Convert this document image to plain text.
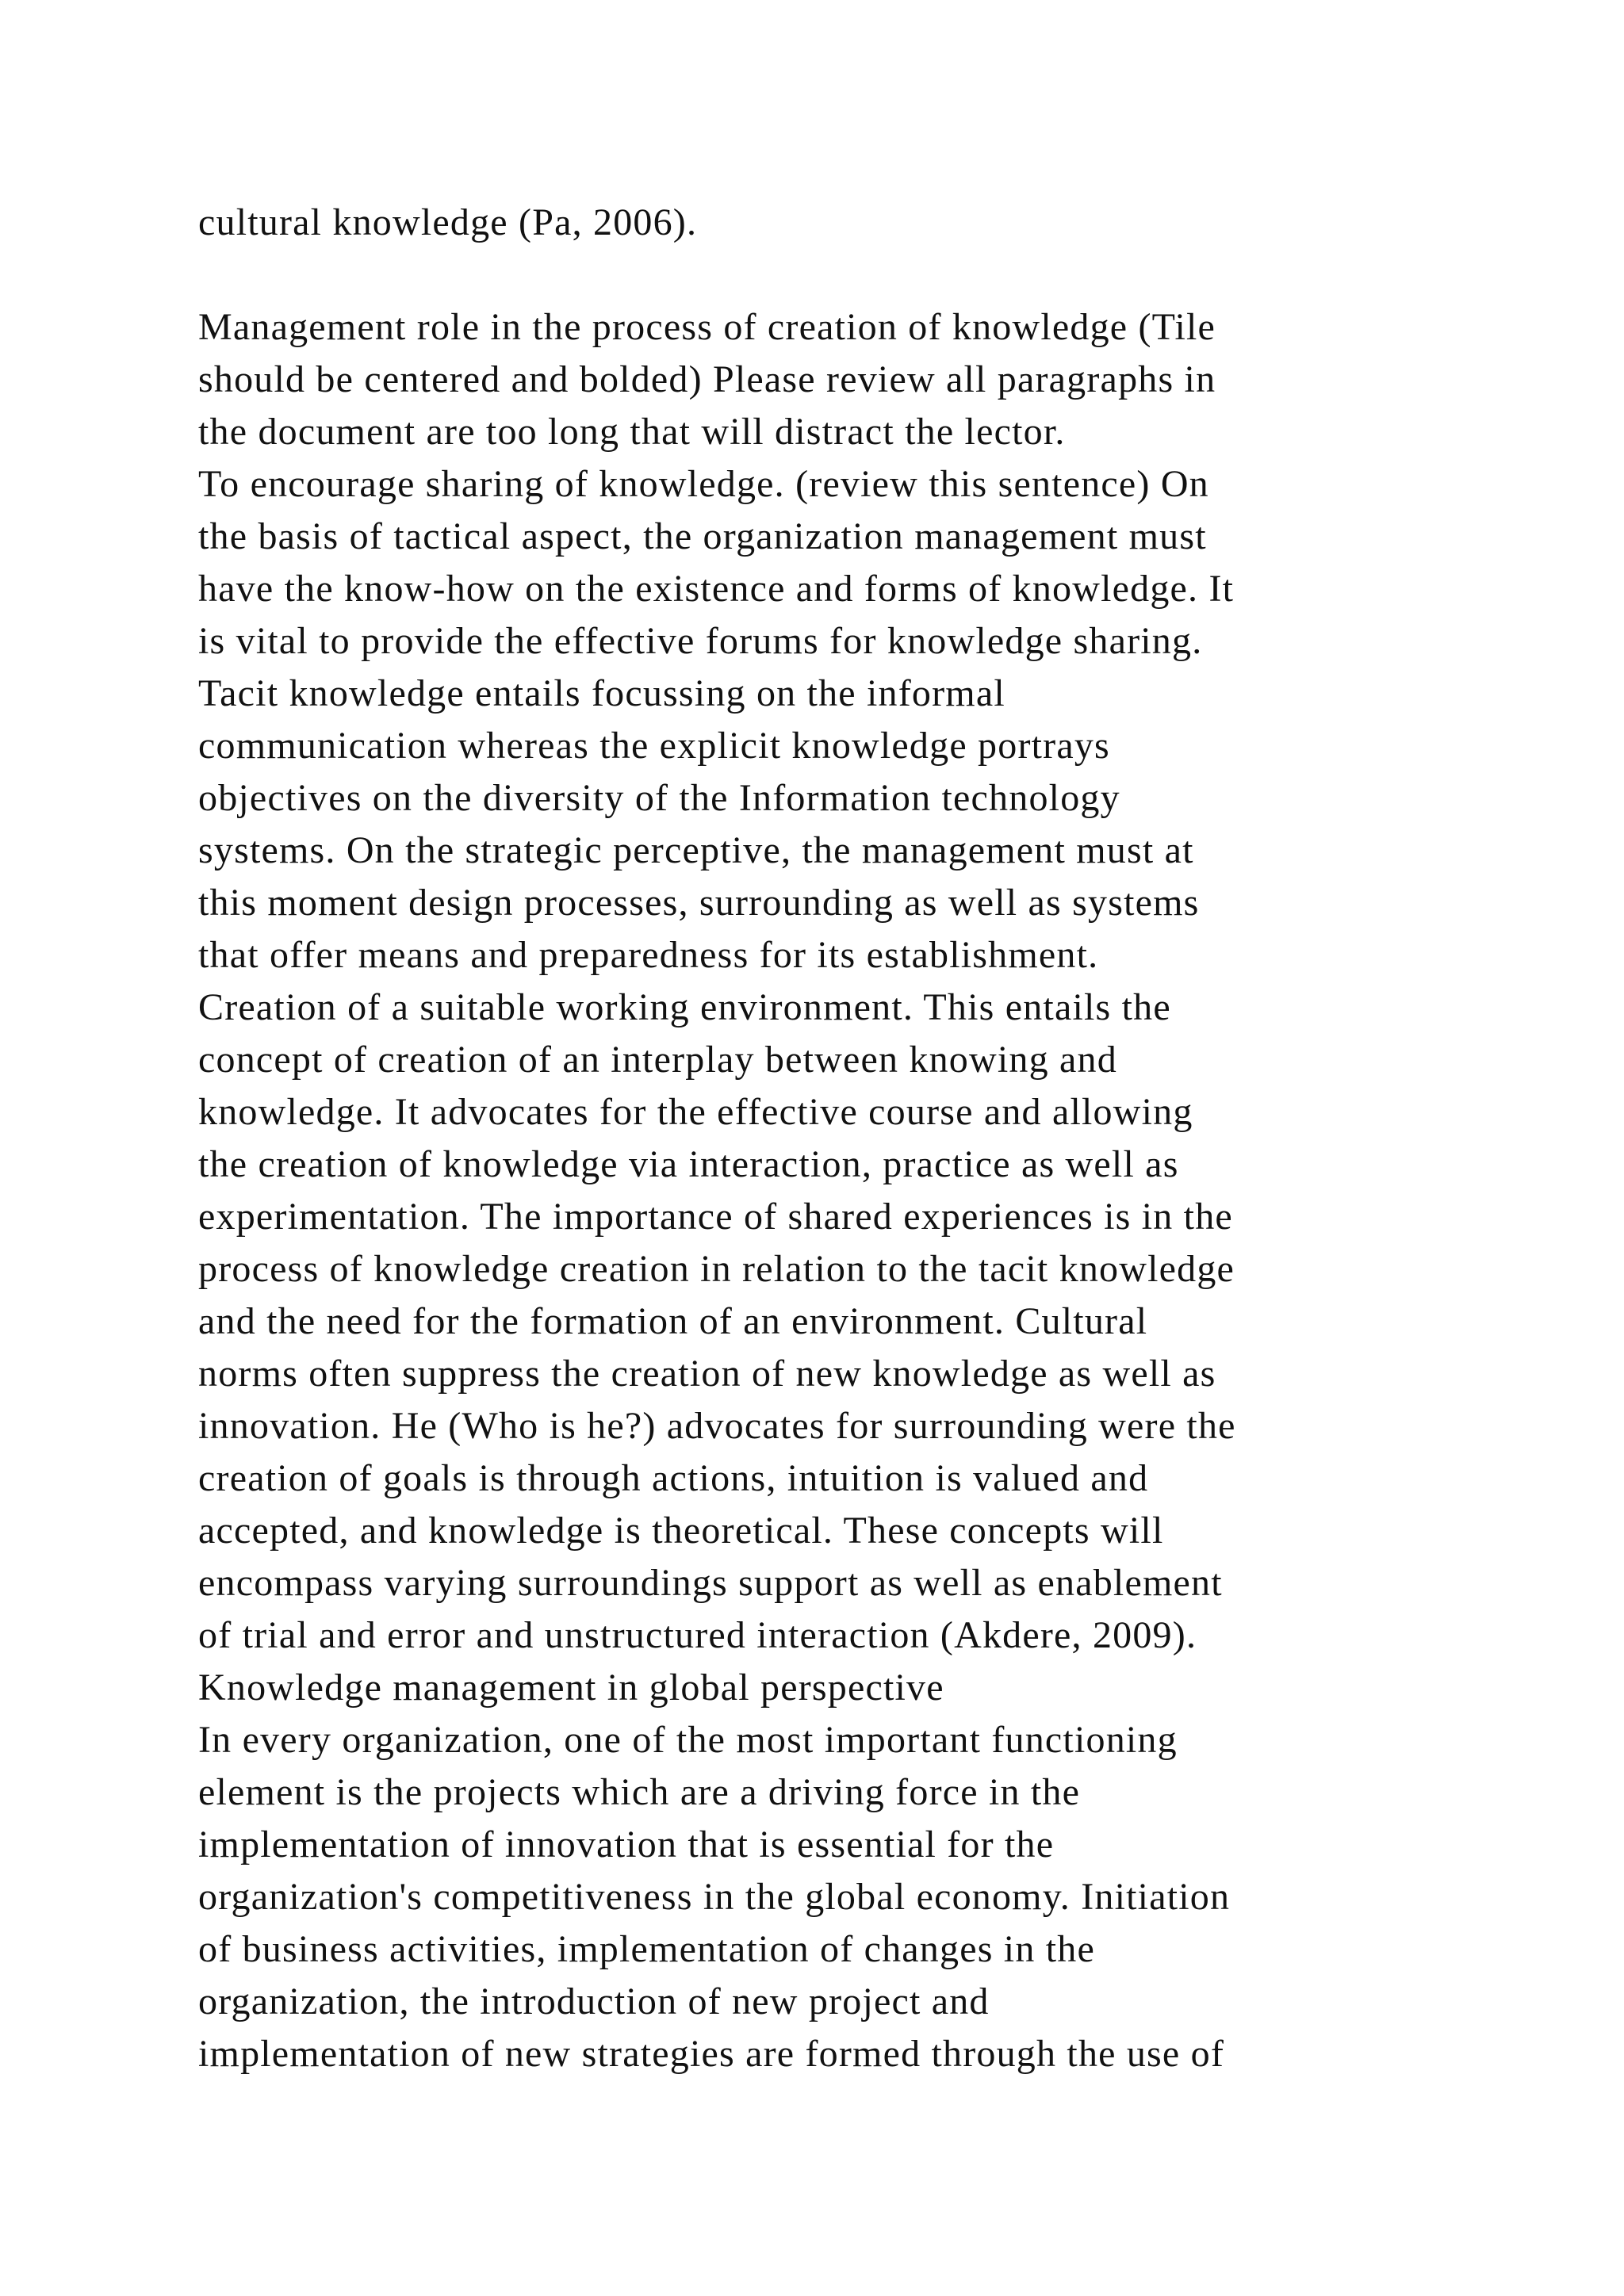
cultural knowledge (Pa, 2006).
Management role in the process of creation of knowledge (Tile
should be centered and bolded) Please review all paragraphs in
the document are too long that will distract the lector.
To encourage sharing of knowledge. (review this sentence) On
the basis of tactical aspect, the organization management must
have the know-how on the existence and forms of knowledge. It
is vital to provide the effective forums for knowledge sharing.
Tacit knowledge entails focussing on the informal
communication whereas the explicit knowledge portrays
objectives on the diversity of the Information technology
systems. On the strategic perceptive, the management must at
this moment design processes, surrounding as well as systems
that offer means and preparedness for its establishment.
Creation of a suitable working environment. This entails the
concept of creation of an interplay between knowing and
knowledge. It advocates for the effective course and allowing
the creation of knowledge via interaction, practice as well as
experimentation. The importance of shared experiences is in the
process of knowledge creation in relation to the tacit knowledge
and the need for the formation of an environment. Cultural
norms often suppress the creation of new knowledge as well as
innovation. He (Who is he?) advocates for surrounding were the
creation of goals is through actions, intuition is valued and
accepted, and knowledge is theoretical. These concepts will
encompass varying surroundings support as well as enablement
of trial and error and unstructured interaction (Akdere, 2009).
Knowledge management in global perspective
In every organization, one of the most important functioning
element is the projects which are a driving force in the
implementation of innovation that is essential for the
organization's competitiveness in the global economy. Initiation
of business activities, implementation of changes in the
organization, the introduction of new project and
implementation of new strategies are formed through the use of
